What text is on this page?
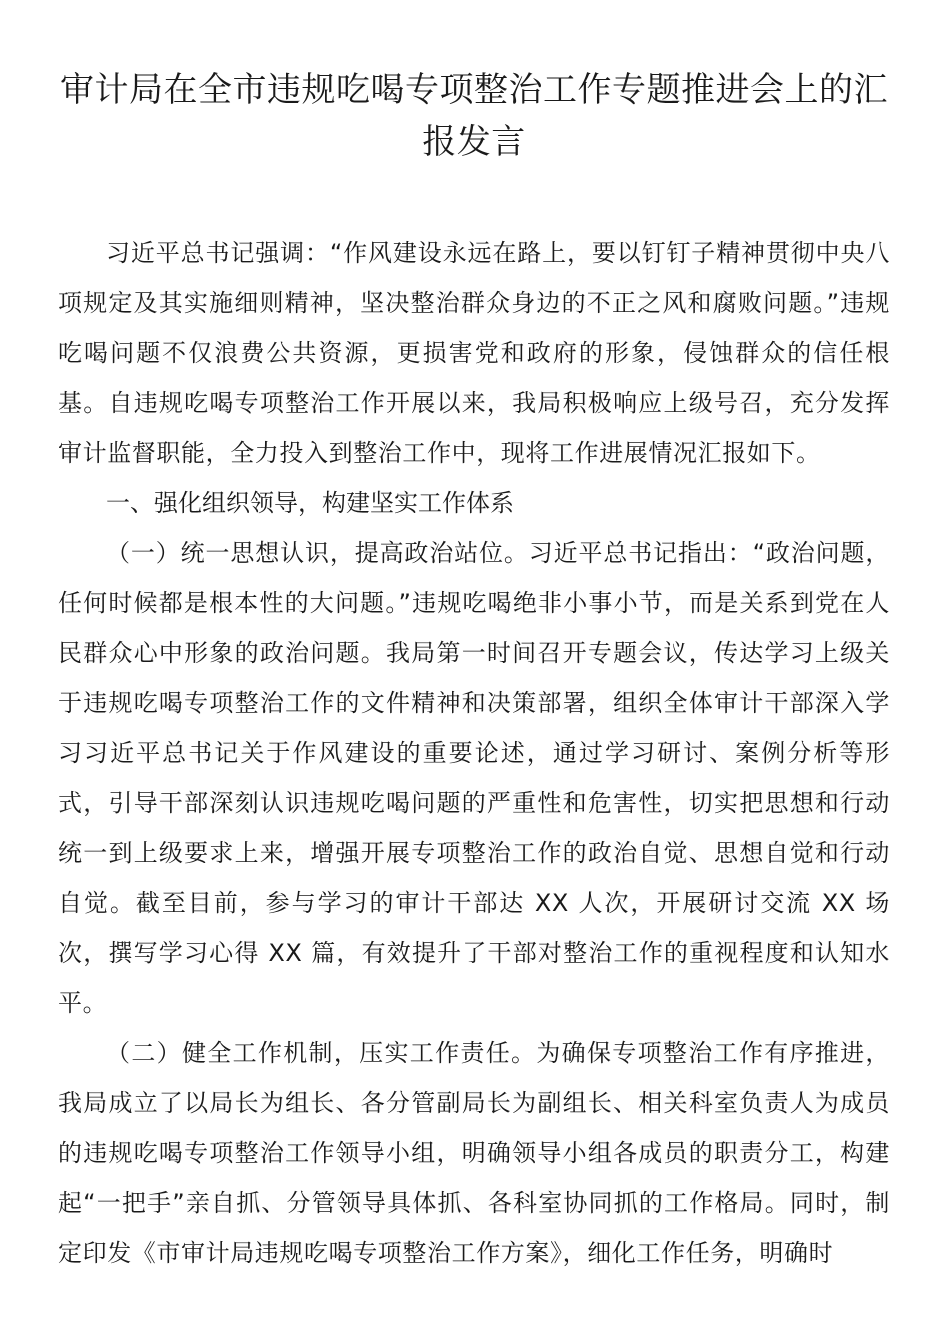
审计局在全市违规吃喝专项整治工作专题推进会上的汇报发言

习近平总书记强调：“作风建设永远在路上，要以钉钉子精神贯彻中央八项规定及其实施细则精神，坚决整治群众身边的不正之风和腐败问题。”违规吃喝问题不仅浪费公共资源，更损害党和政府的形象，侵蚀群众的信任根基。自违规吃喝专项整治工作开展以来，我局积极响应上级号召，充分发挥审计监督职能，全力投入到整治工作中，现将工作进展情况汇报如下。

一、强化组织领导，构建坚实工作体系

（一）统一思想认识，提高政治站位。习近平总书记指出：“政治问题，任何时候都是根本性的大问题。”违规吃喝绝非小事小节，而是关系到党在人民群众心中形象的政治问题。我局第一时间召开专题会议，传达学习上级关于违规吃喝专项整治工作的文件精神和决策部署，组织全体审计干部深入学习习近平总书记关于作风建设的重要论述，通过学习研讨、案例分析等形式，引导干部深刻认识违规吃喝问题的严重性和危害性，切实把思想和行动统一到上级要求上来，增强开展专项整治工作的政治自觉、思想自觉和行动自觉。截至目前，参与学习的审计干部达 XX 人次，开展研讨交流 XX 场次，撰写学习心得 XX 篇，有效提升了干部对整治工作的重视程度和认知水平。

（二）健全工作机制，压实工作责任。为确保专项整治工作有序推进，我局成立了以局长为组长、各分管副局长为副组长、相关科室负责人为成员的违规吃喝专项整治工作领导小组，明确领导小组各成员的职责分工，构建起“一把手”亲自抓、分管领导具体抓、各科室协同抓的工作格局。同时，制定印发《市审计局违规吃喝专项整治工作方案》，细化工作任务，明确时
